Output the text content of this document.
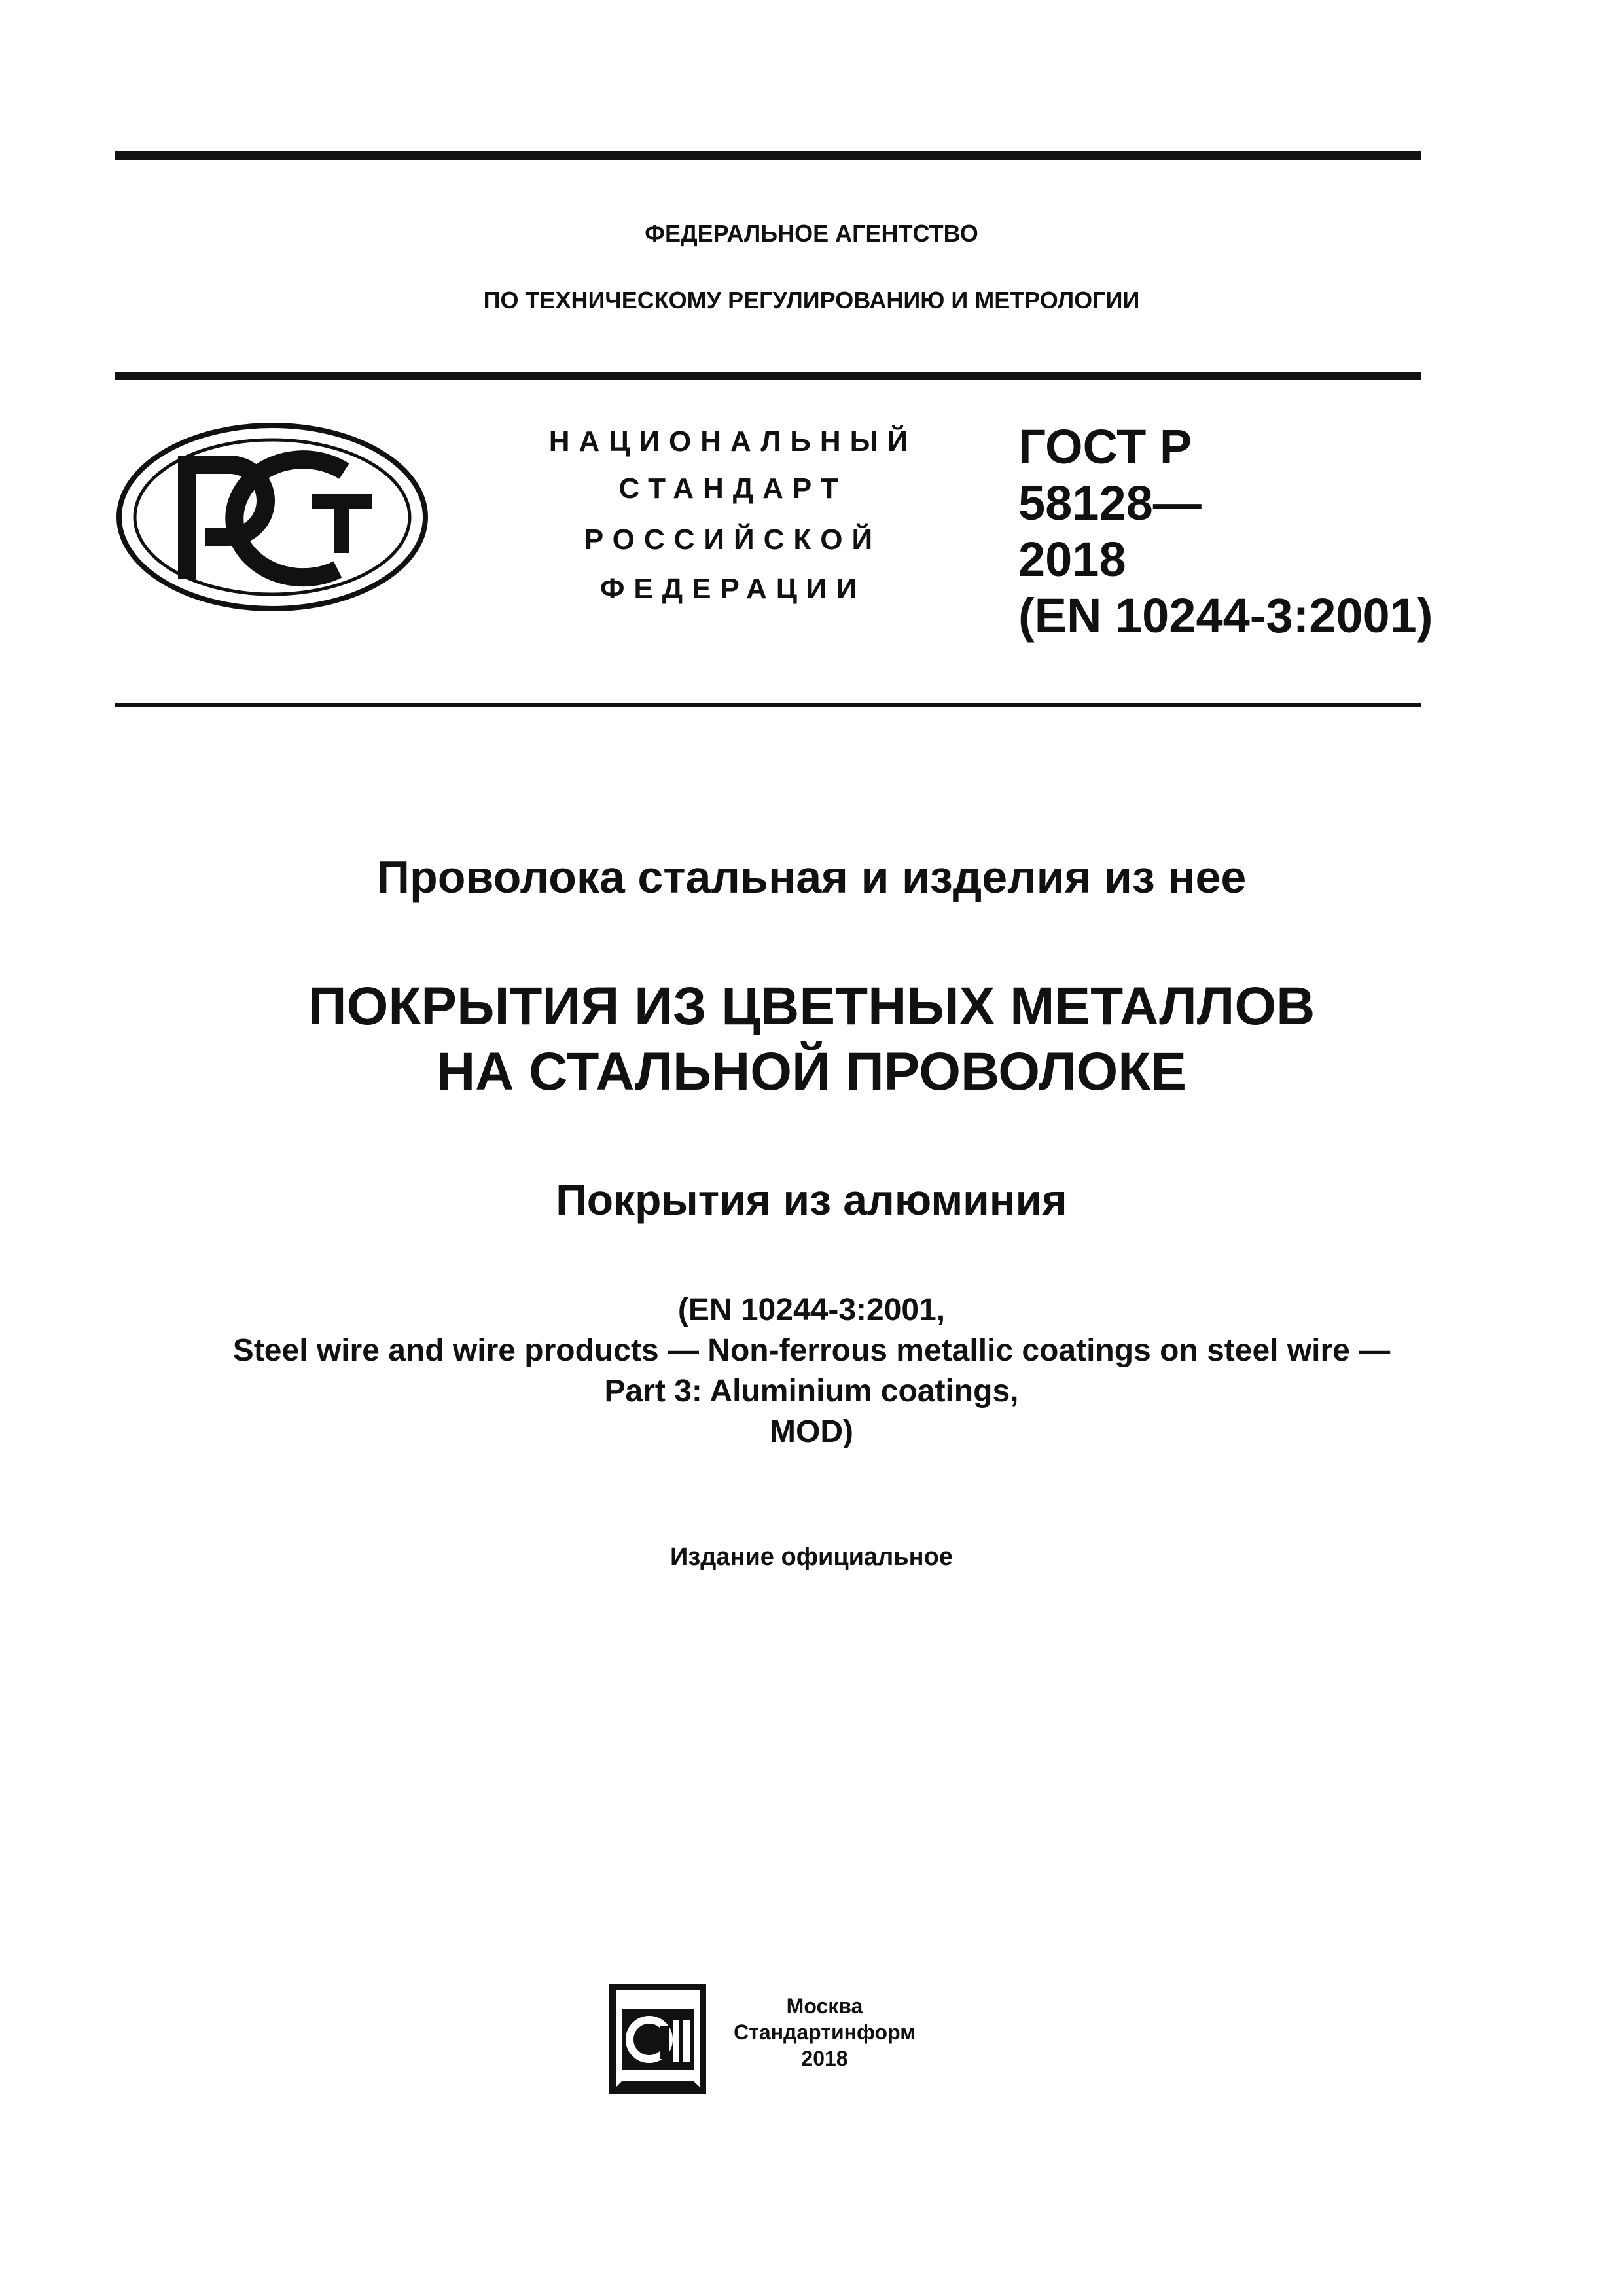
ФЕДЕРАЛЬНОЕ АГЕНТСТВО
ПО ТЕХНИЧЕСКОМУ РЕГУЛИРОВАНИЮ И МЕТРОЛОГИИ
НАЦИОНАЛЬНЫЙ
СТАНДАРТ
РОССИЙСКОЙ
ФЕДЕРАЦИИ
ГОСТ Р
58128—
2018
(EN 10244-3:2001)
Проволока стальная и изделия из нее
ПОКРЫТИЯ ИЗ ЦВЕТНЫХ МЕТАЛЛОВ
НА СТАЛЬНОЙ ПРОВОЛОКЕ
Покрытия из алюминия
(EN 10244-3:2001,
Steel wire and wire products — Non-ferrous metallic coatings on steel wire —
Part 3: Aluminium coatings,
MOD)
Издание официальное
Москва
Стандартинформ
2018
